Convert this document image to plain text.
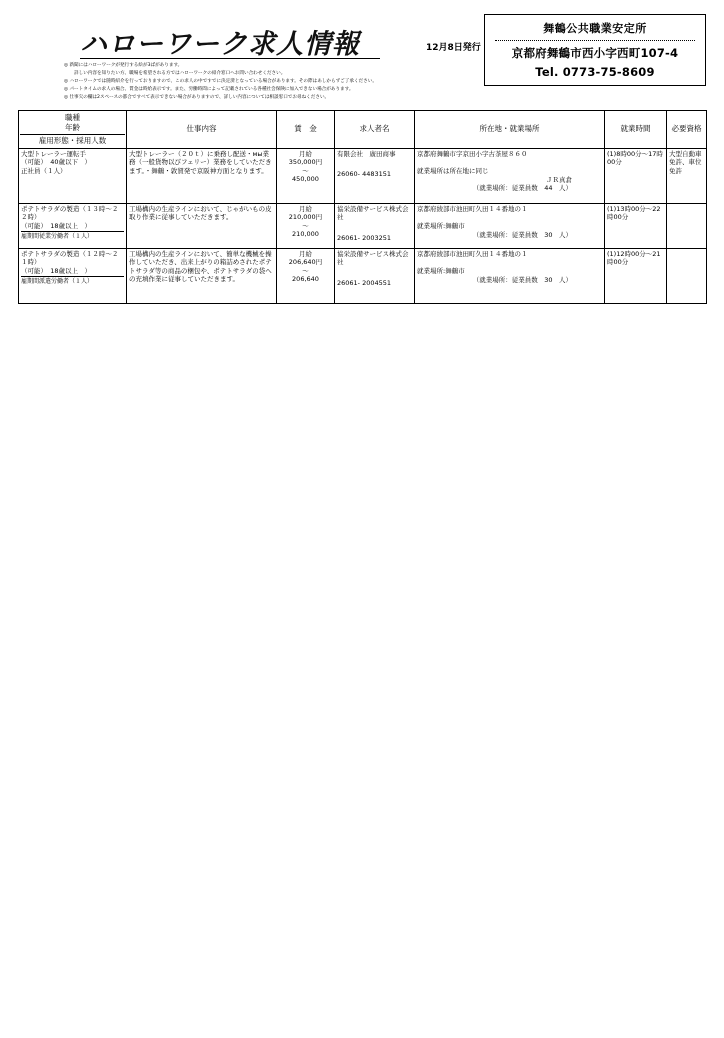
ハローワーク求人情報	12月8日発行
◎ 新聞にはハローワークが発行する絵が3ばがあります。
詳しい内容を知りたい方、職場を希望される方ではハローワークの紹介窓口へお問い合わせください。
◎ ハローワークでは随時紹介を行っておりますので、この求人の中ですでに決定済となっている場合があります。その際はあしからずご了承ください。
◎ パートタイムの求人の場合、賃金は時給表示です。また、労働時間によって記載されている各種社会保険に加入できない場合があります。
◎ 仕事欠の欄は2スペースの都合ですべて表示できない場合がありますので、詳しい内容については相談窓口でお尋ねください。
舞鶴公共職業安定所
京都府舞鶴市西小字西町107-4
Tel. 0773-75-8609
職種
年齢
雇用形態・採用人数	仕事内容	賃　金	求人者名	所在地・就業場所	就業時間	必要資格

大型トレーラー運転手
（可能）　40歳以下　）
正社員（１人）	大型トレーラー（２０ｔ）に乗務し配送・мы業務（一般貨物以びフェリー）業務をしていただきます。・舞鶴・敦賀発で京阪神方面となります。	月給
350,000円
～
450,000	有限会社　廣田商事
26060- 4483151	京都府舞鶴市字京田小字古茶屋８６０
就業場所は所在地に同じ
ＪＲ真倉
（就業場所：従業員数　44　人）	(1)8時00分～17時00分	大型自動車免許、車位免許

ポテトサラダの製造（１３時～２２時）
（可能）　18歳以上　）
雇期間従業労働者（１人）	工場構内の生産ラインにおいて、じゃがいもの皮取り作業に従事していただきます。	月給
210,000円
～
210,000	協栄設備サービス株式会社
26061- 2003251	京都府綾部市池田町久田１４番地の１
就業場所:舞鶴市
（就業場所：従業員数　30　人）	(1)13時00分～22時00分	

ポテトサラダの製造（１２時～２１時）
（可能）　18歳以上　）
雇期間派遣労働者（１人）	工場構内の生産ラインにおいて、簡単な機械を操作していただき、出来上がりの箱詰めされたポテトサラダ等の商品の梱包や、ポテトサラダの袋への充填作業に従事していただきます。	月給
206,640円
～
206,640	協栄設備サービス株式会社
26061- 2004551	京都府綾部市池田町久田１４番地の１
就業場所:舞鶴市
（就業場所：従業員数　30　人）	(1)12時00分～21時00分	
